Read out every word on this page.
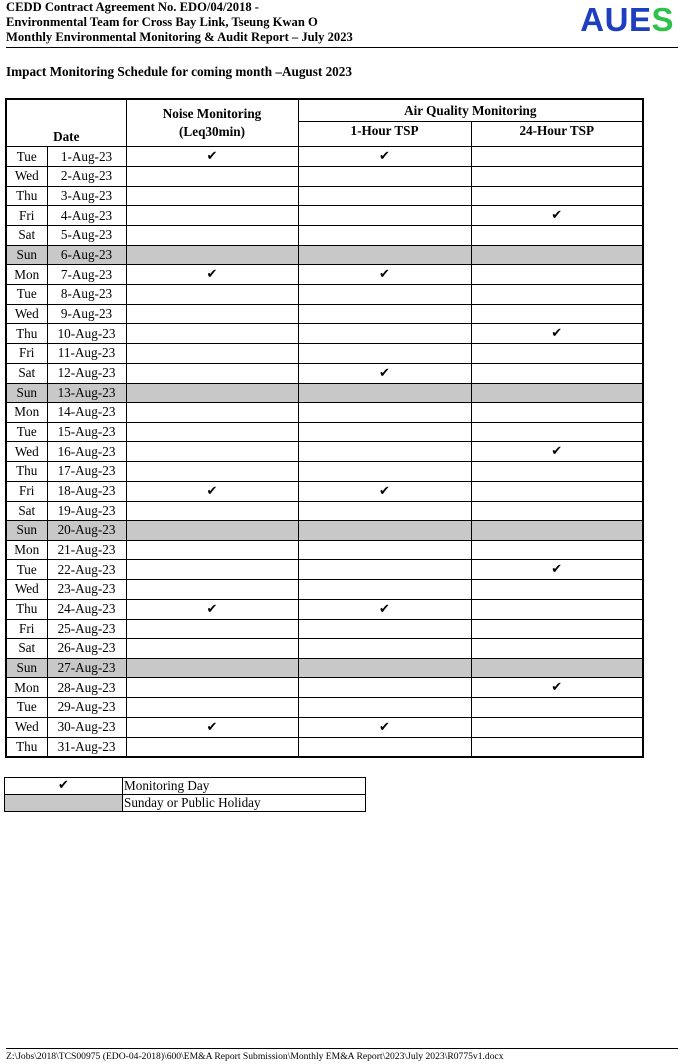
CEDD Contract Agreement No. EDO/04/2018 -
Environmental Team for Cross Bay Link, Tseung Kwan O
Monthly Environmental Monitoring & Audit Report – July 2023	AUES
Impact Monitoring Schedule for coming month –August 2023
Date		Noise Monitoring
(Leq30min)	Air Quality Monitoring	
			1-Hour TSP	24-Hour TSP
Tue	1-Aug-23	✔	✔	
Wed	2-Aug-23			
Thu	3-Aug-23			
Fri	4-Aug-23			✔
Sat	5-Aug-23			
Sun	6-Aug-23			
Mon	7-Aug-23	✔	✔	
Tue	8-Aug-23			
Wed	9-Aug-23			
Thu	10-Aug-23			✔
Fri	11-Aug-23			
Sat	12-Aug-23		✔	
Sun	13-Aug-23			
Mon	14-Aug-23			
Tue	15-Aug-23			
Wed	16-Aug-23			✔
Thu	17-Aug-23			
Fri	18-Aug-23	✔	✔	
Sat	19-Aug-23			
Sun	20-Aug-23			
Mon	21-Aug-23			
Tue	22-Aug-23			✔
Wed	23-Aug-23			
Thu	24-Aug-23	✔	✔	
Fri	25-Aug-23			
Sat	26-Aug-23			
Sun	27-Aug-23			
Mon	28-Aug-23			✔
Tue	29-Aug-23			
Wed	30-Aug-23	✔	✔	
Thu	31-Aug-23			
✔	Monitoring Day
	Sunday or Public Holiday
Z:\Jobs\2018\TCS00975 (EDO-04-2018)\600\EM&A Report Submission\Monthly EM&A Report\2023\July 2023\R0775v1.docx
